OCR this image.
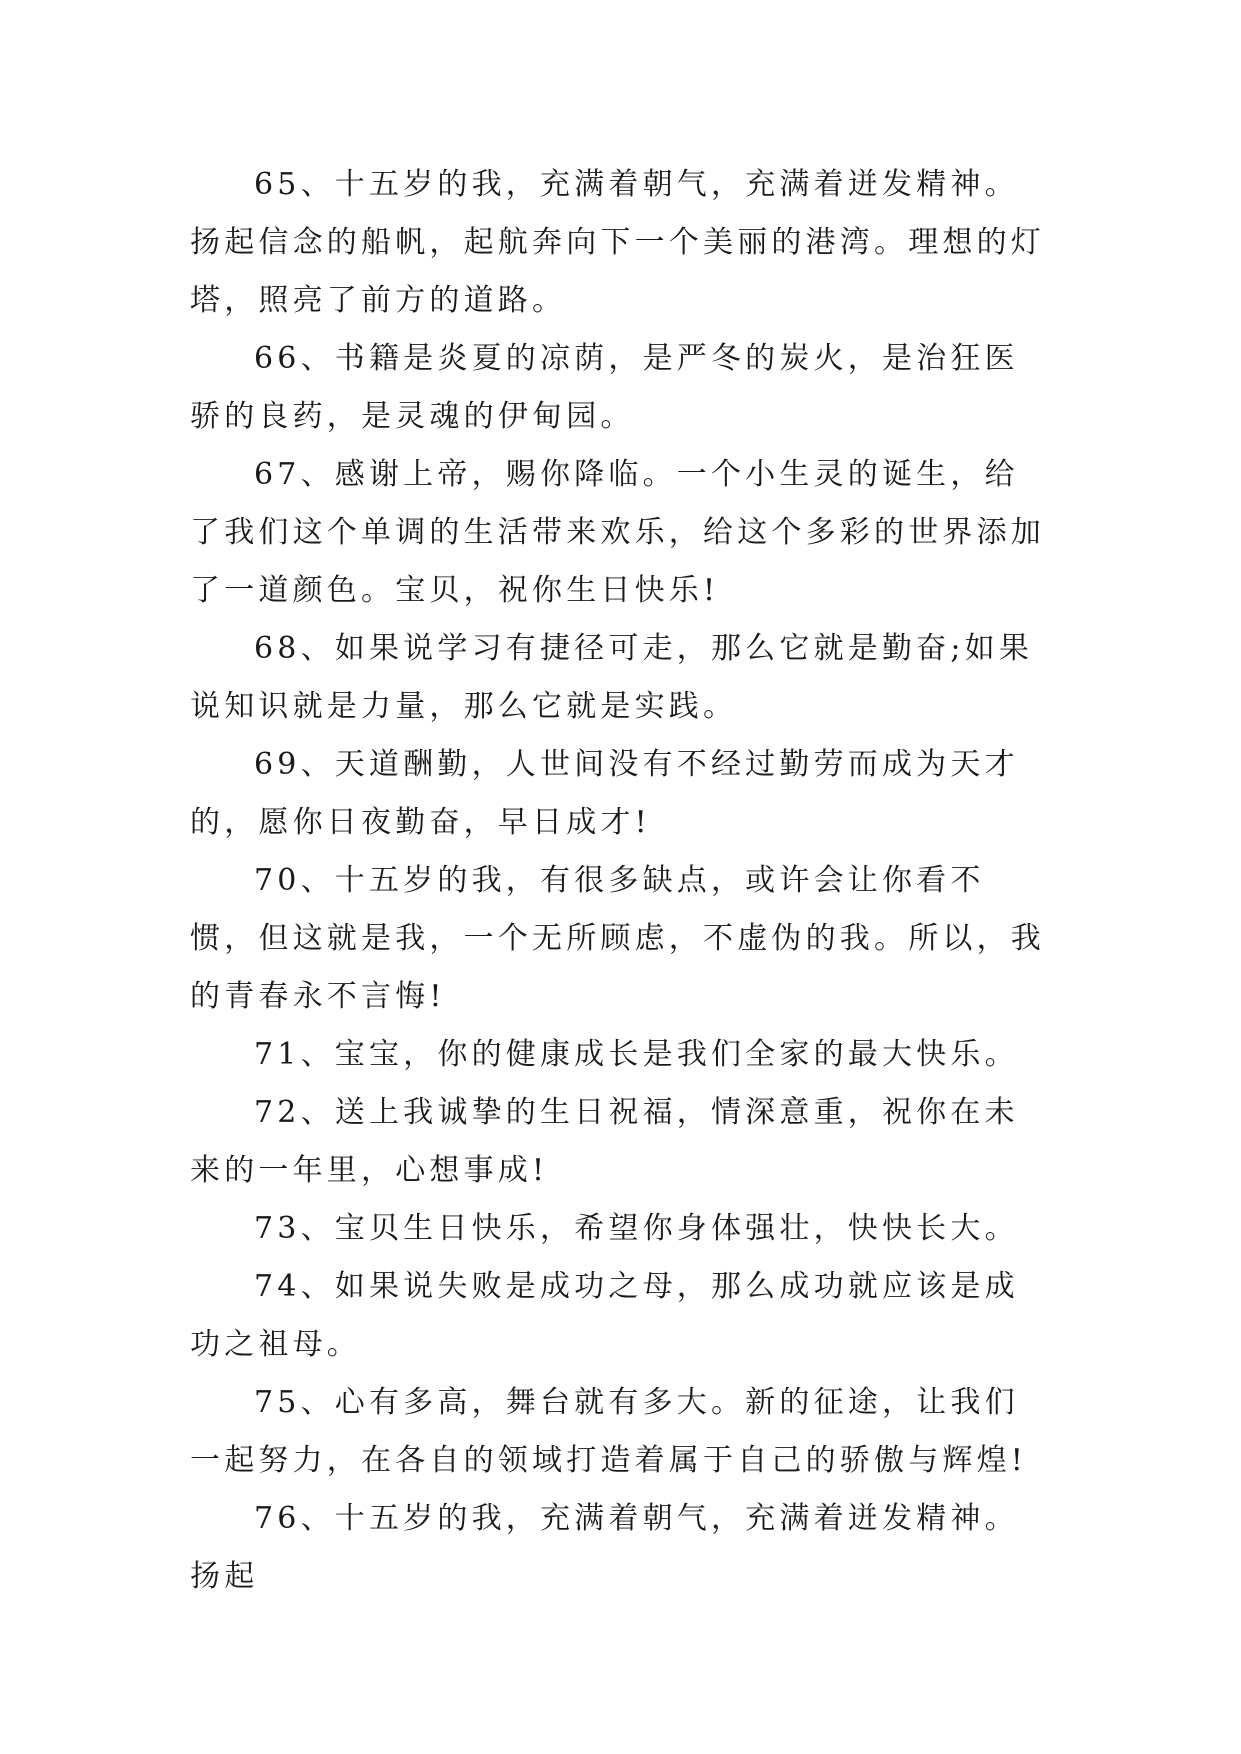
65、十五岁的我，充满着朝气，充满着迸发精神。扬起信念的船帆，起航奔向下一个美丽的港湾。理想的灯塔，照亮了前方的道路。

66、书籍是炎夏的凉荫，是严冬的炭火，是治狂医骄的良药，是灵魂的伊甸园。

67、感谢上帝，赐你降临。一个小生灵的诞生，给了我们这个单调的生活带来欢乐，给这个多彩的世界添加了一道颜色。宝贝，祝你生日快乐!

68、如果说学习有捷径可走，那么它就是勤奋;如果说知识就是力量，那么它就是实践。

69、天道酬勤，人世间没有不经过勤劳而成为天才的，愿你日夜勤奋，早日成才!

70、十五岁的我，有很多缺点，或许会让你看不惯，但这就是我，一个无所顾虑，不虚伪的我。所以，我的青春永不言悔!

71、宝宝，你的健康成长是我们全家的最大快乐。

72、送上我诚挚的生日祝福，情深意重，祝你在未来的一年里，心想事成!

73、宝贝生日快乐，希望你身体强壮，快快长大。

74、如果说失败是成功之母，那么成功就应该是成功之祖母。

75、心有多高，舞台就有多大。新的征途，让我们一起努力，在各自的领域打造着属于自己的骄傲与辉煌!

76、十五岁的我，充满着朝气，充满着迸发精神。扬起
